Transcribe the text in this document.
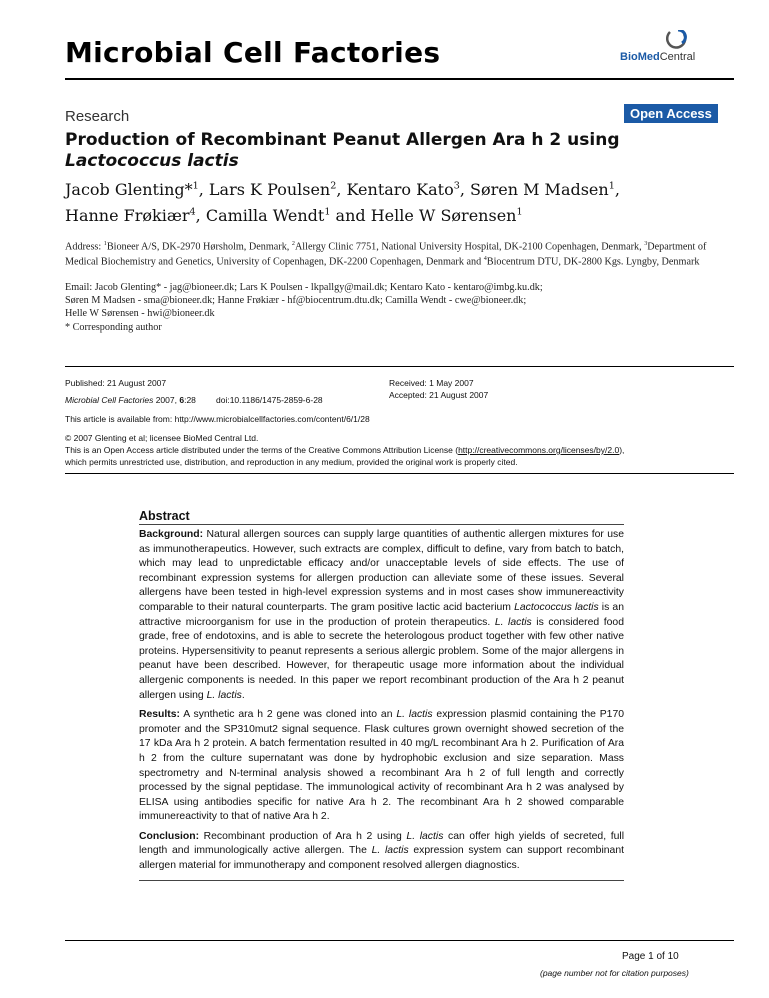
Microbial Cell Factories	BioMedCentral
Research	Open Access
Production of Recombinant Peanut Allergen Ara h 2 using
Lactococcus lactis
Jacob Glenting*$^1$, Lars K Poulsen$^2$, Kentaro Kato$^3$, Søren M Madsen$^1$,
Hanne Frøkiær$^4$, Camilla Wendt$^1$ and Helle W Sørensen$^1$
Address: $^1$Bioneer A/S, DK-2970 Hørsholm, Denmark, $^2$Allergy Clinic 7751, National University Hospital, DK-2100 Copenhagen, Denmark, $^3$Department of Medical Biochemistry and Genetics, University of Copenhagen, DK-2200 Copenhagen, Denmark and $^4$Biocentrum DTU, DK-2800 Kgs. Lyngby, Denmark
Email: Jacob Glenting* - jag@bioneer.dk; Lars K Poulsen - lkpallgy@mail.dk; Kentaro Kato - kentaro@imbg.ku.dk;
Søren M Madsen - sma@bioneer.dk; Hanne Frøkiær - hf@biocentrum.dtu.dk; Camilla Wendt - cwe@bioneer.dk;
Helle W Sørensen - hwi@bioneer.dk
* Corresponding author
Published: 21 August 2007
Microbial Cell Factories 2007, 6:28 doi:10.1186/1475-2859-6-28
Received: 1 May 2007
Accepted: 21 August 2007
This article is available from: http://www.microbialcellfactories.com/content/6/1/28
© 2007 Glenting et al; licensee BioMed Central Ltd.
This is an Open Access article distributed under the terms of the Creative Commons Attribution License (http://creativecommons.org/licenses/by/2.0),
which permits unrestricted use, distribution, and reproduction in any medium, provided the original work is properly cited.
Abstract

Background: Natural allergen sources can supply large quantities of authentic allergen mixtures for use as immunotherapeutics. However, such extracts are complex, difficult to define, vary from batch to batch, which may lead to unpredictable efficacy and/or unacceptable levels of side effects. The use of recombinant expression systems for allergen production can alleviate some of these issues. Several allergens have been tested in high-level expression systems and in most cases show immunereactivity comparable to their natural counterparts. The gram positive lactic acid bacterium Lactococcus lactis is an attractive microorganism for use in the production of protein therapeutics. L. lactis is considered food grade, free of endotoxins, and is able to secrete the heterologous product together with few other native proteins. Hypersensitivity to peanut represents a serious allergic problem. Some of the major allergens in peanut have been described. However, for therapeutic usage more information about the individual allergenic components is needed. In this paper we report recombinant production of the Ara h 2 peanut allergen using L. lactis.

Results: A synthetic ara h 2 gene was cloned into an L. lactis expression plasmid containing the P170 promoter and the SP310mut2 signal sequence. Flask cultures grown overnight showed secretion of the 17 kDa Ara h 2 protein. A batch fermentation resulted in 40 mg/L recombinant Ara h 2. Purification of Ara h 2 from the culture supernatant was done by hydrophobic exclusion and size separation. Mass spectrometry and N-terminal analysis showed a recombinant Ara h 2 of full length and correctly processed by the signal peptidase. The immunological activity of recombinant Ara h 2 was analysed by ELISA using antibodies specific for native Ara h 2. The recombinant Ara h 2 showed comparable immunereactivity to that of native Ara h 2.

Conclusion: Recombinant production of Ara h 2 using L. lactis can offer high yields of secreted, full length and immunologically active allergen. The L. lactis expression system can support recombinant allergen material for immunotherapy and component resolved allergen diagnostics.

Page 1 of 10
(page number not for citation purposes)
